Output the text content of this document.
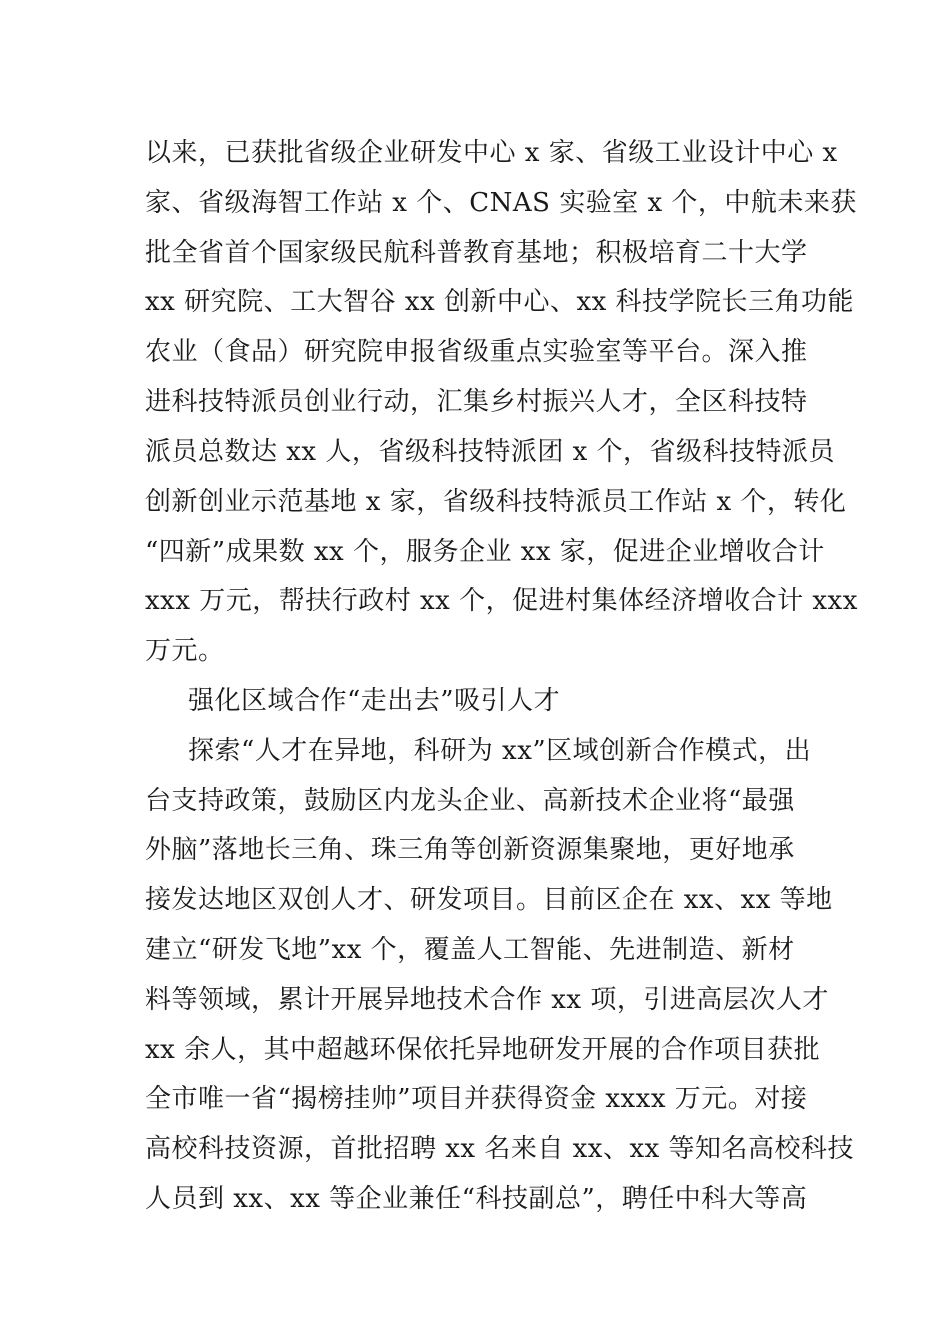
以来，已获批省级企业研发中心 x 家、省级工业设计中心 x
家、省级海智工作站 x 个、CNAS 实验室 x 个，中航未来获
批全省首个国家级民航科普教育基地；积极培育二十大学
xx 研究院、工大智谷 xx 创新中心、xx 科技学院长三角功能
农业（食品）研究院申报省级重点实验室等平台。深入推
进科技特派员创业行动，汇集乡村振兴人才，全区科技特
派员总数达 xx 人，省级科技特派团 x 个，省级科技特派员
创新创业示范基地 x 家，省级科技特派员工作站 x 个，转化
“四新”成果数 xx 个，服务企业 xx 家，促进企业增收合计
xxx 万元，帮扶行政村 xx 个，促进村集体经济增收合计 xxx
万元。
强化区域合作“走出去”吸引人才
探索“人才在异地，科研为 xx”区域创新合作模式，出
台支持政策，鼓励区内龙头企业、高新技术企业将“最强
外脑”落地长三角、珠三角等创新资源集聚地，更好地承
接发达地区双创人才、研发项目。目前区企在 xx、xx 等地
建立“研发飞地”xx 个，覆盖人工智能、先进制造、新材
料等领域，累计开展异地技术合作 xx 项，引进高层次人才
xx 余人，其中超越环保依托异地研发开展的合作项目获批
全市唯一省“揭榜挂帅”项目并获得资金 xxxx 万元。对接
高校科技资源，首批招聘 xx 名来自 xx、xx 等知名高校科技
人员到 xx、xx 等企业兼任“科技副总”，聘任中科大等高
